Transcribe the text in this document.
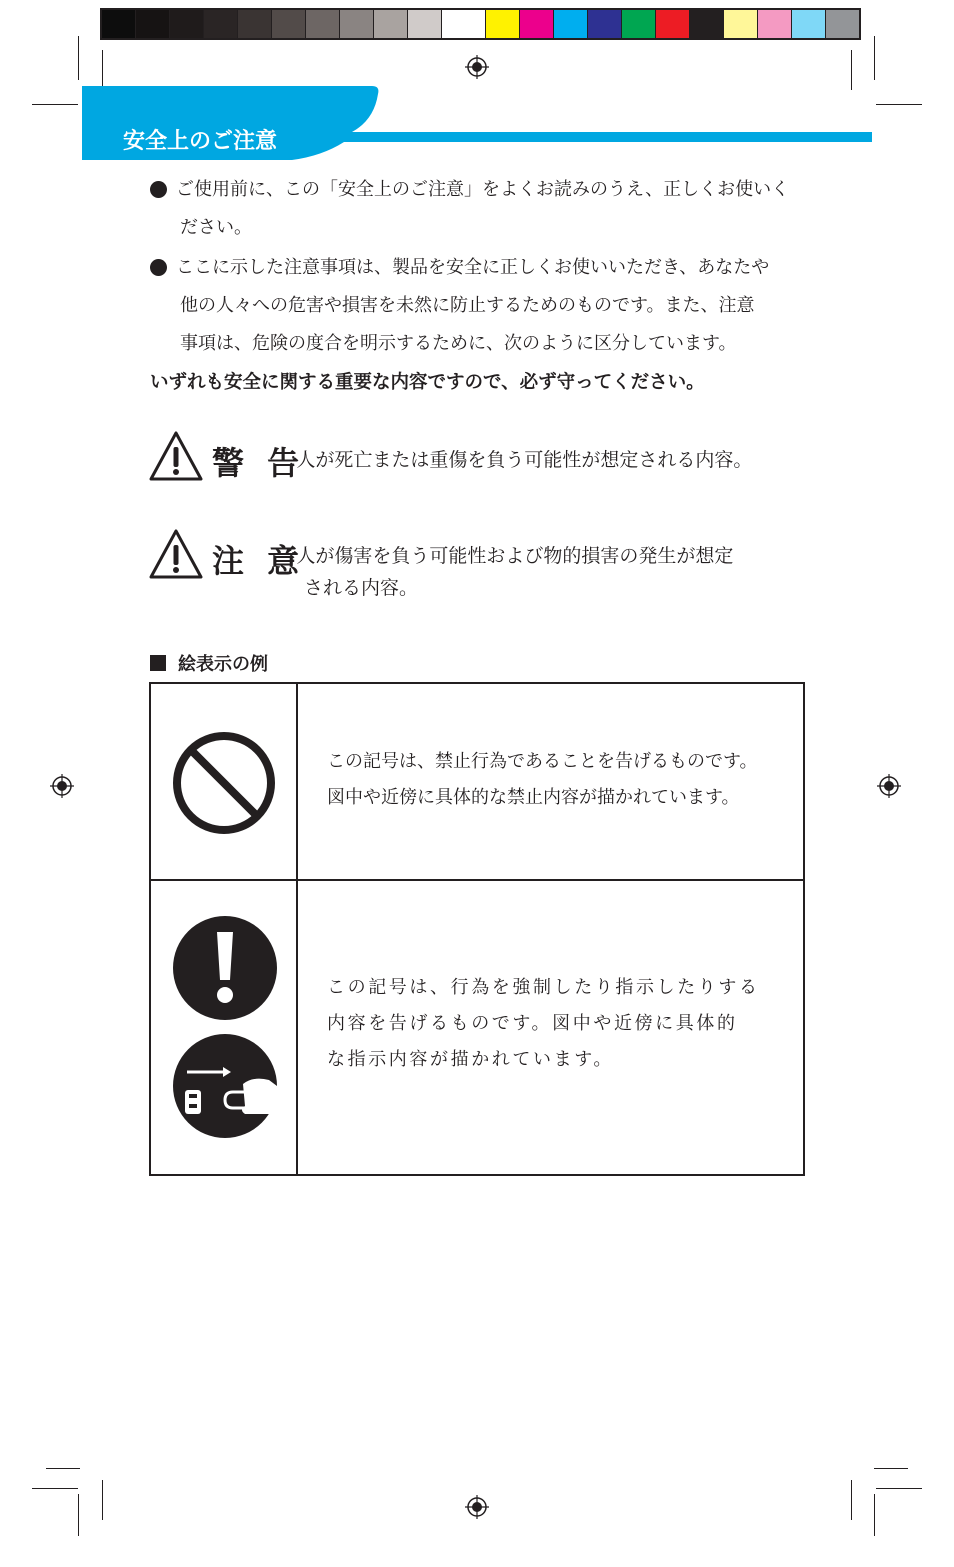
安全上のご注意
ご使用前に、この「安全上のご注意」をよくお読みのうえ、正しくお使いく
ださい。
ここに示した注意事項は、製品を安全に正しくお使いいただき、あなたや
他の人々への危害や損害を未然に防止するためのものです。また、注意
事項は、危険の度合を明示するために、次のように区分しています。
いずれも安全に関する重要な内容ですので、必ず守ってください。
警 告
:人が死亡または重傷を負う可能性が想定される内容。
注 意
:人が傷害を負う可能性および物的損害の発生が想定
される内容。
絵表示の例
この記号は、禁止行為であることを告げるものです。
図中や近傍に具体的な禁止内容が描かれています。
この記号は、行為を強制したり指示したりする
内容を告げるものです。図中や近傍に具体的
な指示内容が描かれています。
